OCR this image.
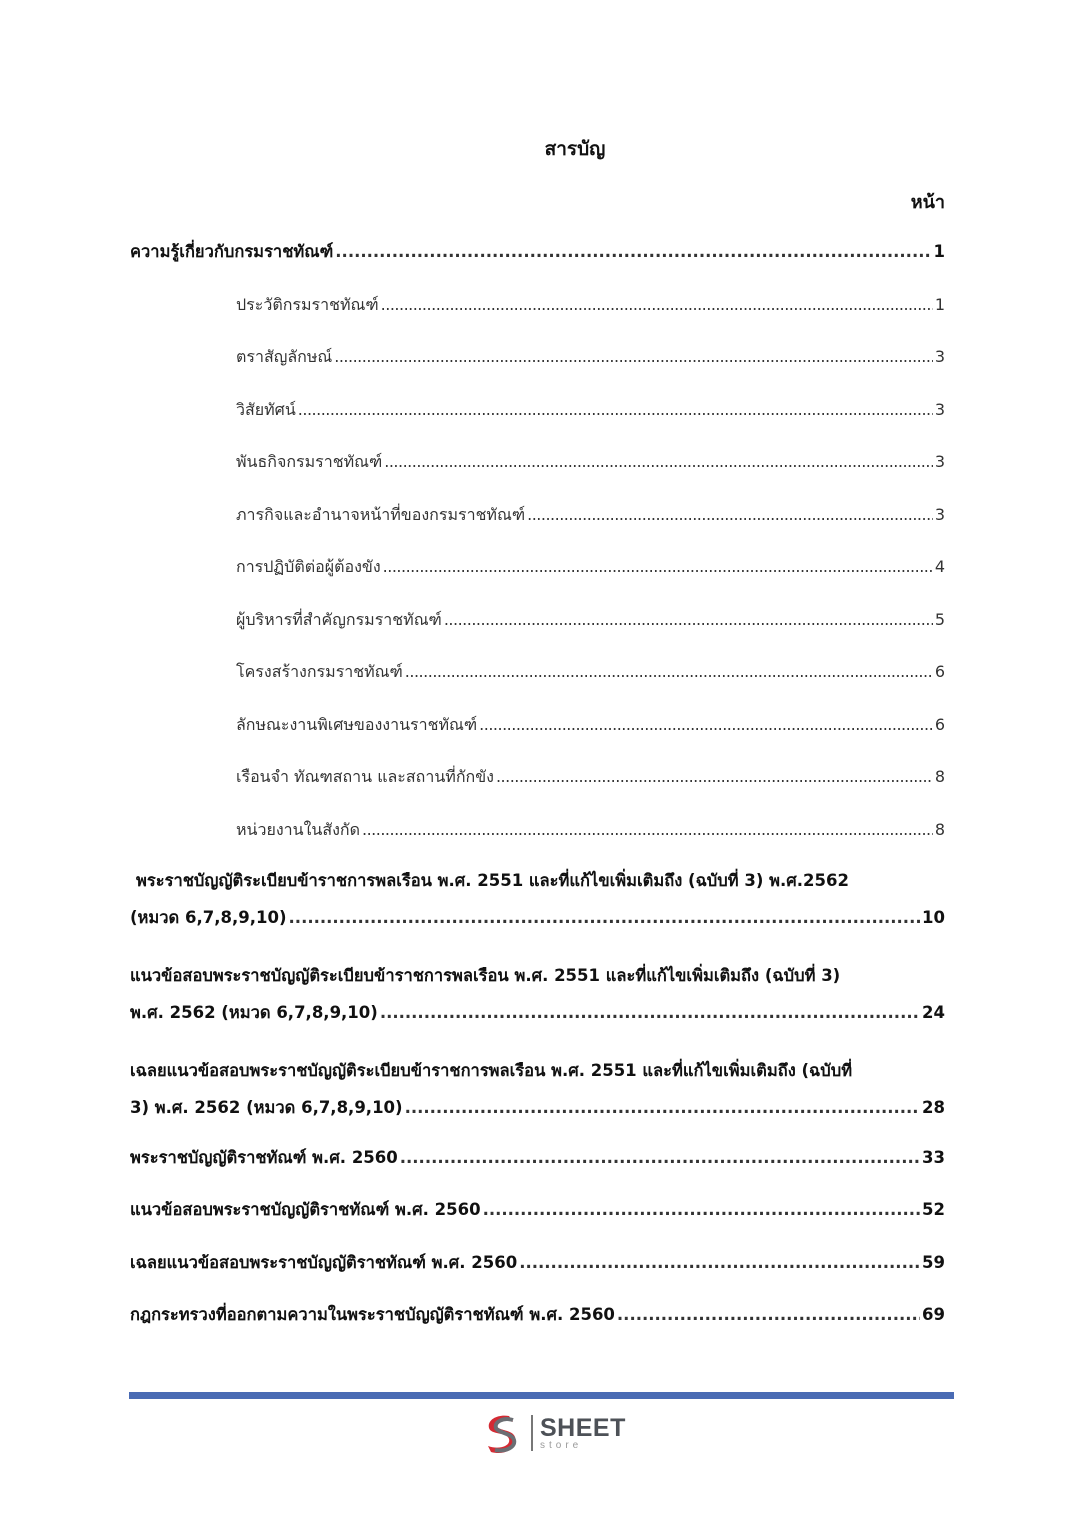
สารบัญ
หน้า
ความรู้เกี่ยวกับกรมราชทัณฑ์ .....	1
ประวัติกรมราชทัณฑ์ .....	1
ตราสัญลักษณ์ .....	3
วิสัยทัศน์ .....	3
พันธกิจกรมราชทัณฑ์ .....	3
ภารกิจและอำนาจหน้าที่ของกรมราชทัณฑ์ .....	3
การปฏิบัติต่อผู้ต้องขัง .....	4
ผู้บริหารที่สำคัญกรมราชทัณฑ์ .....	5
โครงสร้างกรมราชทัณฑ์ .....	6
ลักษณะงานพิเศษของงานราชทัณฑ์ .....	6
เรือนจำ ทัณฑสถาน และสถานที่กักขัง .....	8
หน่วยงานในสังกัด .....	8
พระราชบัญญัติระเบียบข้าราชการพลเรือน พ.ศ. 2551 และที่แก้ไขเพิ่มเติมถึง (ฉบับที่ 3) พ.ศ.2562
(หมวด 6,7,8,9,10) .....	10
แนวข้อสอบพระราชบัญญัติระเบียบข้าราชการพลเรือน พ.ศ. 2551 และที่แก้ไขเพิ่มเติมถึง (ฉบับที่ 3)
พ.ศ. 2562 (หมวด 6,7,8,9,10) .....	24
เฉลยแนวข้อสอบพระราชบัญญัติระเบียบข้าราชการพลเรือน พ.ศ. 2551 และที่แก้ไขเพิ่มเติมถึง (ฉบับที่
3) พ.ศ. 2562 (หมวด 6,7,8,9,10) .....	28
พระราชบัญญัติราชทัณฑ์ พ.ศ. 2560 .....	33
แนวข้อสอบพระราชบัญญัติราชทัณฑ์ พ.ศ. 2560 .....	52
เฉลยแนวข้อสอบพระราชบัญญัติราชทัณฑ์ พ.ศ. 2560 .....	59
กฎกระทรวงที่ออกตามความในพระราชบัญญัติราชทัณฑ์ พ.ศ. 2560 .....	69
SHEET
store
